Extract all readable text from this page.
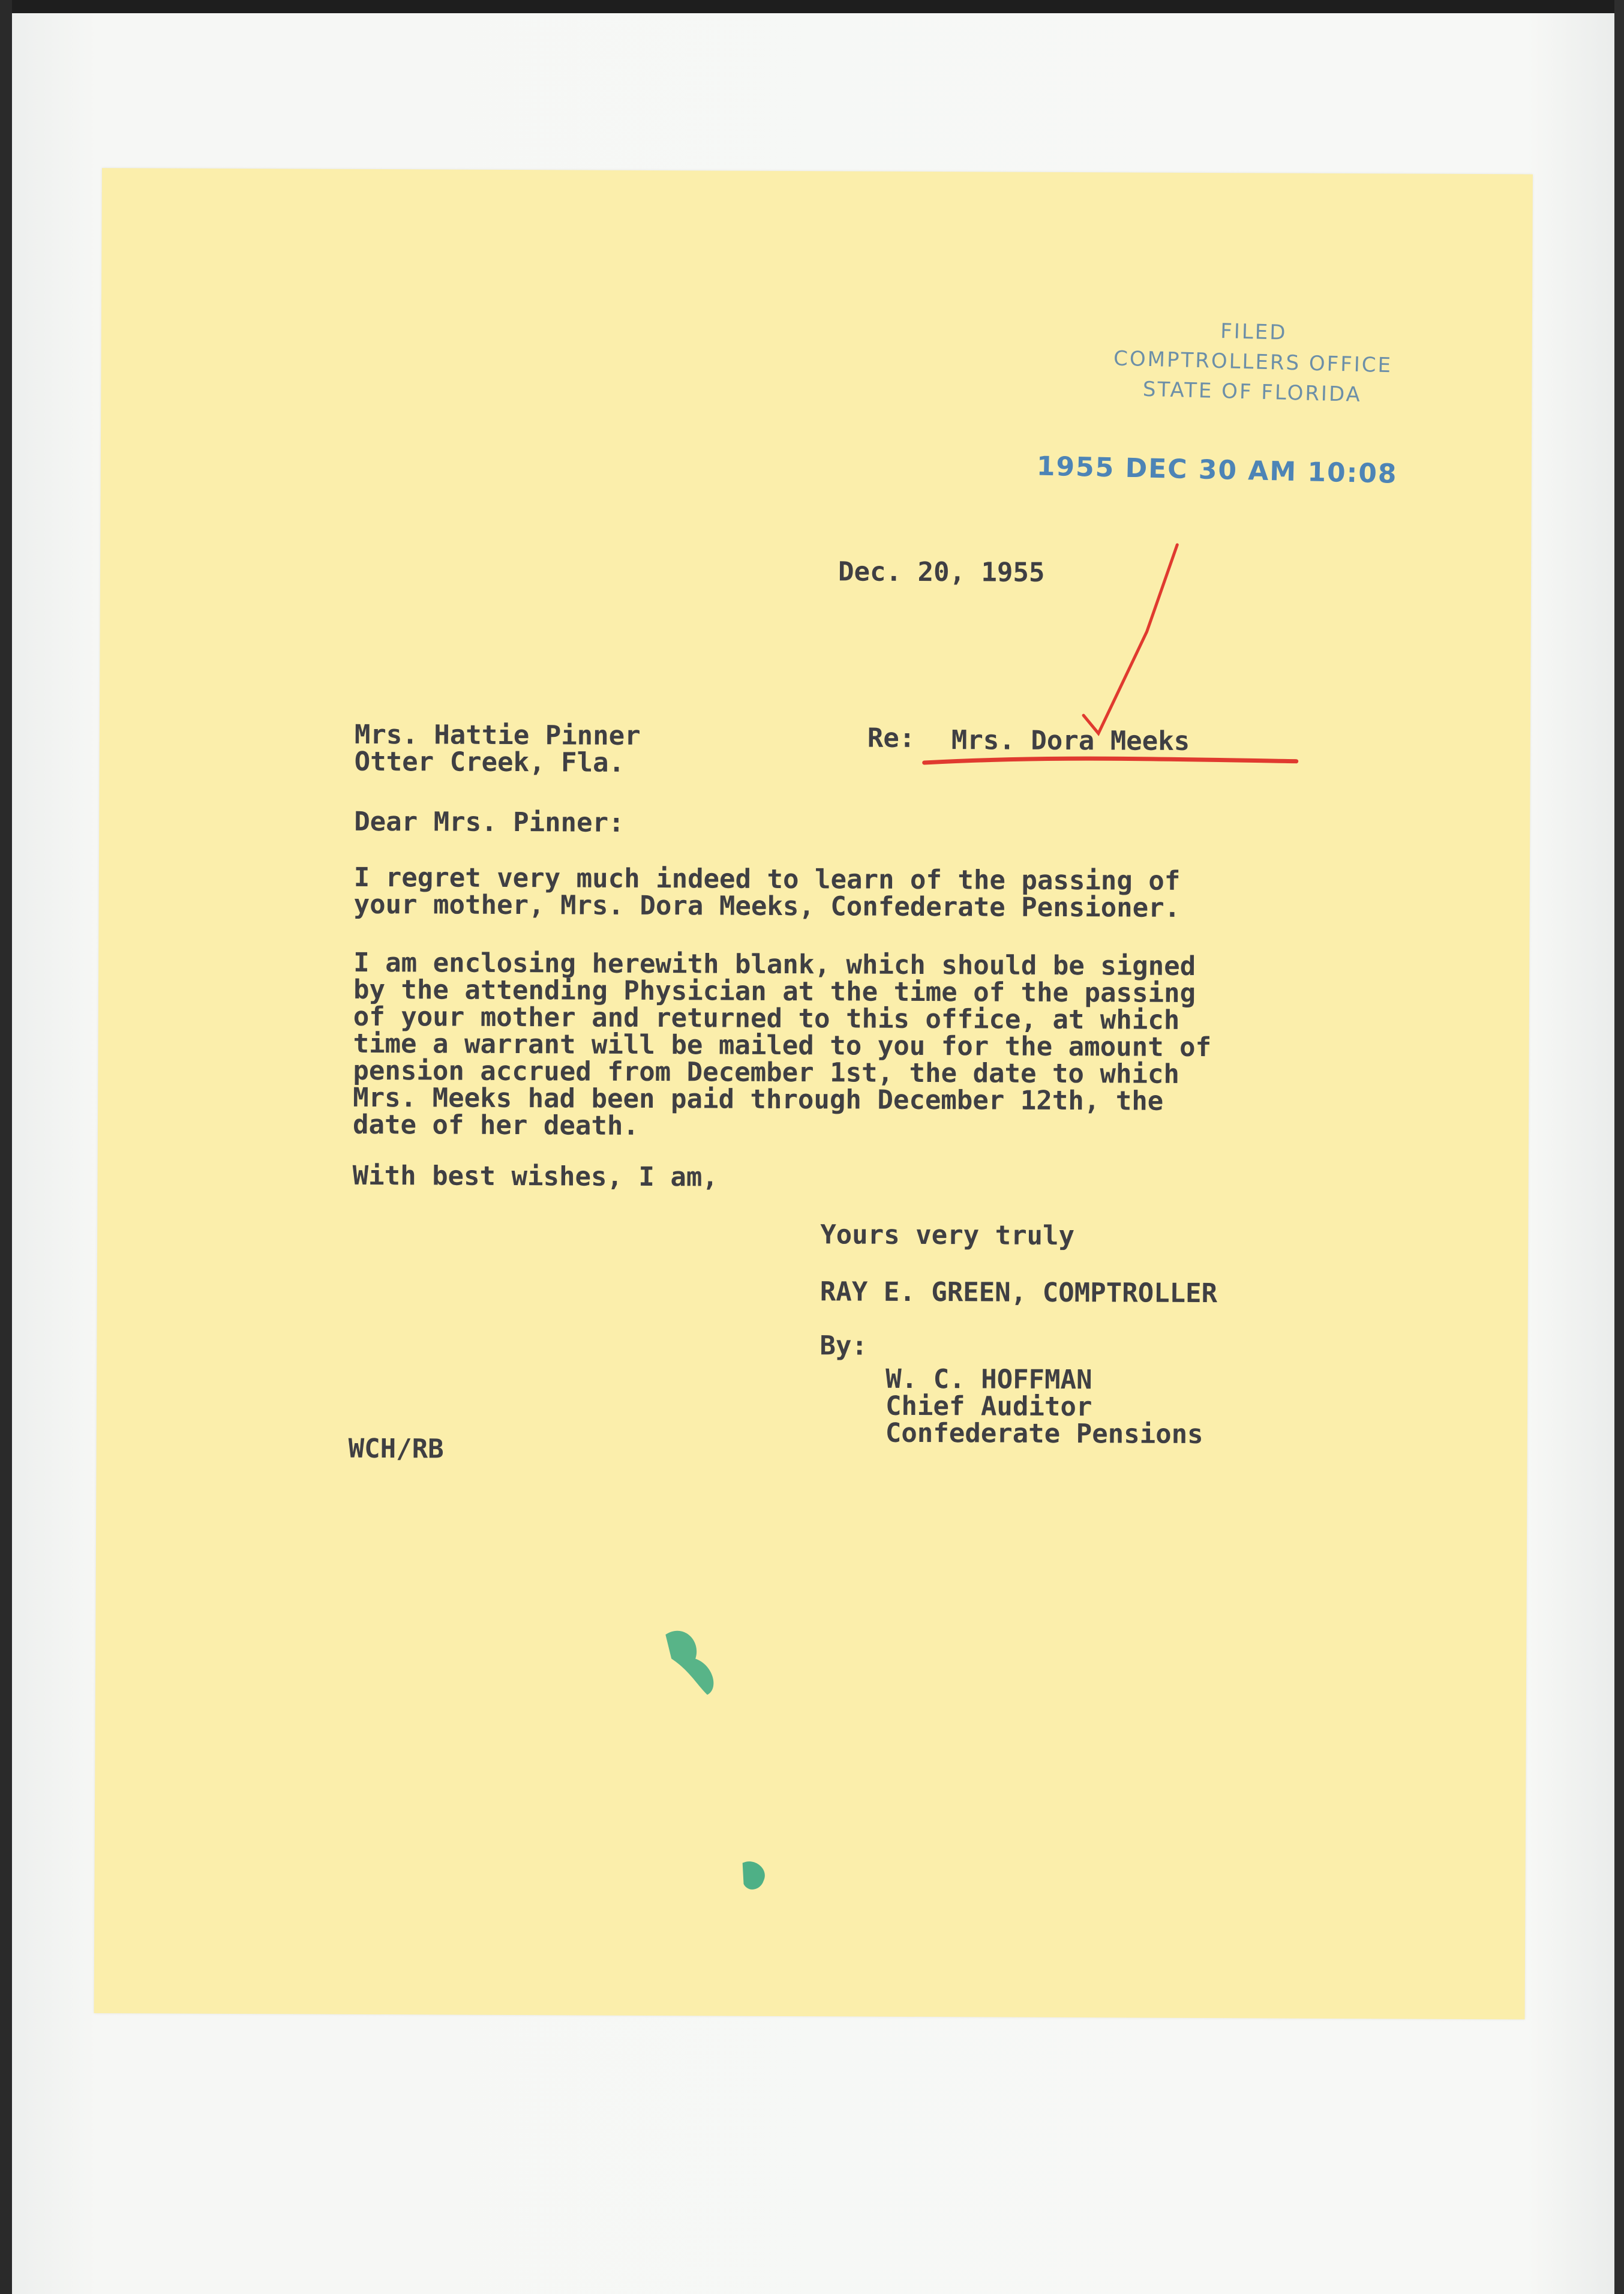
FILED
COMPTROLLERS OFFICE
STATE OF FLORIDA
1955 DEC 30 AM 10:08
Dec. 20, 1955
Mrs. Hattie Pinner
Otter Creek, Fla.
Re: Mrs. Dora Meeks
Dear Mrs. Pinner:
I regret very much indeed to learn of the passing of
your mother, Mrs. Dora Meeks, Confederate Pensioner.
I am enclosing herewith blank, which should be signed
by the attending Physician at the time of the passing
of your mother and returned to this office, at which
time a warrant will be mailed to you for the amount of
pension accrued from December 1st, the date to which
Mrs. Meeks had been paid through December 12th, the
date of her death.
With best wishes, I am,
Yours very truly
RAY E. GREEN, COMPTROLLER
By:
W. C. HOFFMAN
Chief Auditor
Confederate Pensions
WCH/RB
